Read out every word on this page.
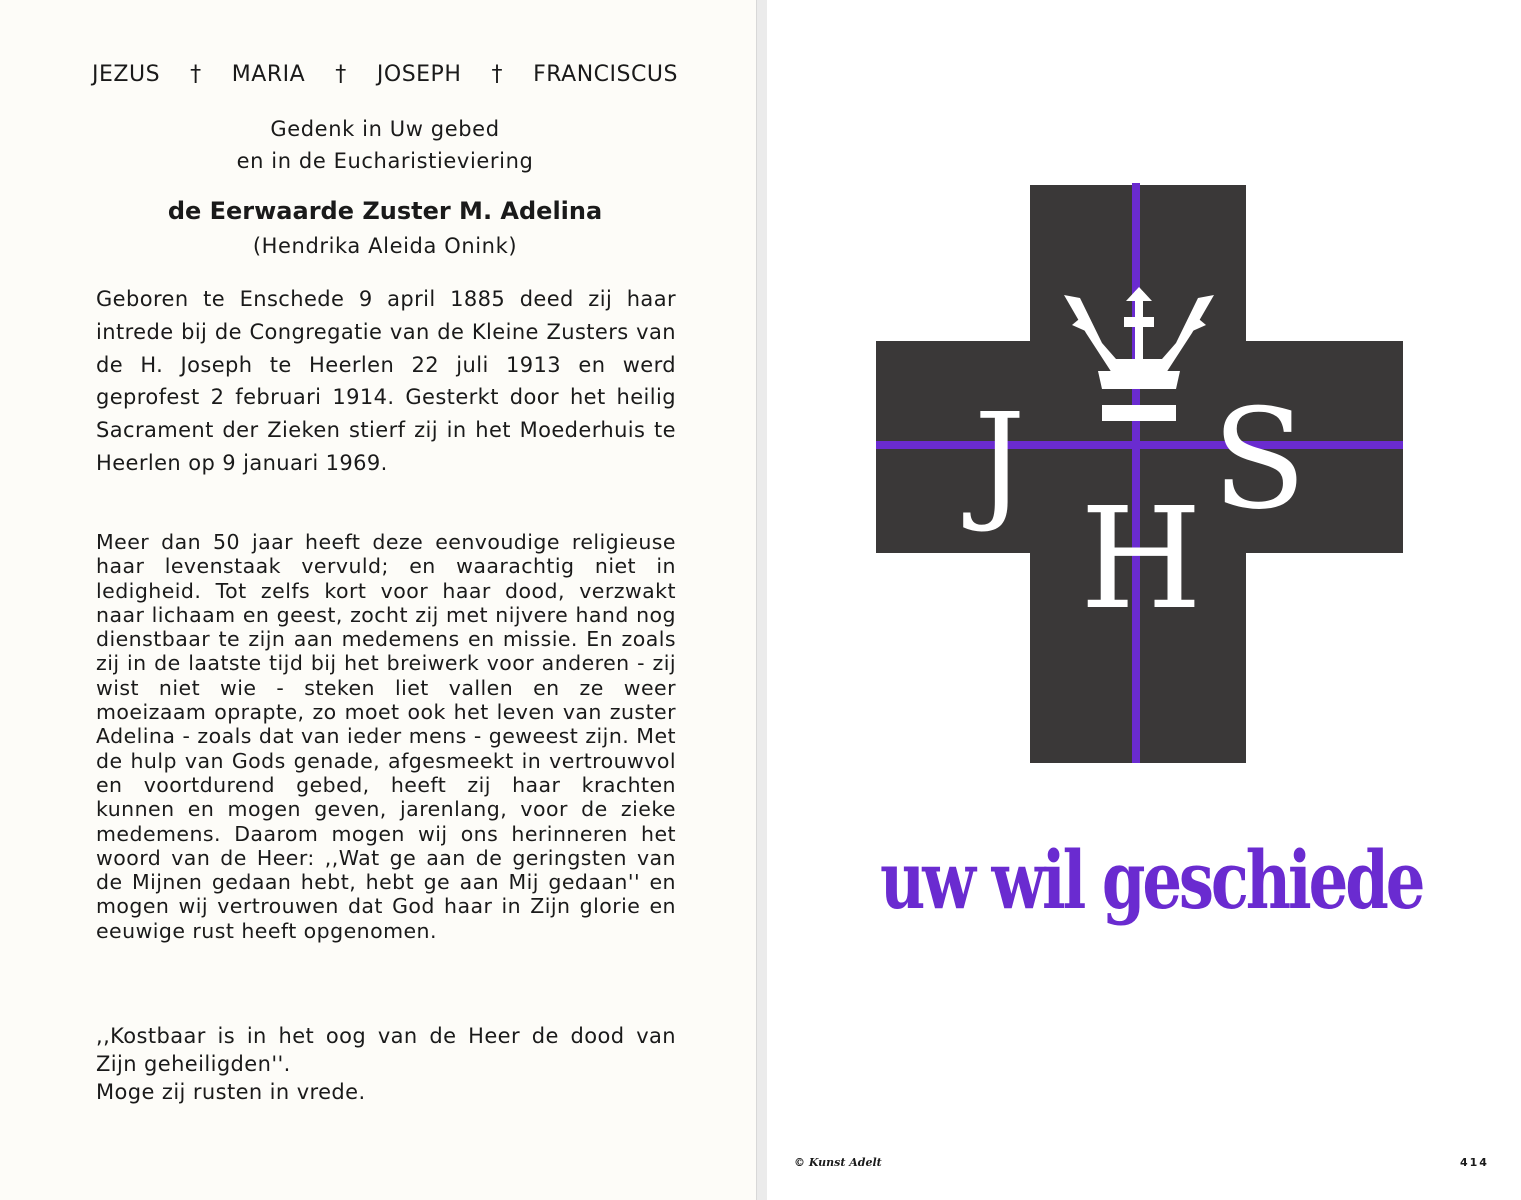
JEZUS † MARIA † JOSEPH † FRANCISCUS
Gedenk in Uw gebed
en in de Eucharistieviering
de Eerwaarde Zuster M. Adelina
(Hendrika Aleida Onink)

Geboren te Enschede 9 april 1885 deed zij haar intrede bij de Congregatie van de Kleine Zusters van de H. Joseph te Heerlen 22 juli 1913 en werd geprofest 2 februari 1914. Gesterkt door het heilig Sacrament der Zieken stierf zij in het Moederhuis te Heerlen op 9 januari 1969.

Meer dan 50 jaar heeft deze eenvoudige religieuse haar levenstaak vervuld; en waarachtig niet in ledigheid. Tot zelfs kort voor haar dood, verzwakt naar lichaam en geest, zocht zij met nijvere hand nog dienstbaar te zijn aan medemens en missie. En zoals zij in de laatste tijd bij het breiwerk voor anderen - zij wist niet wie - steken liet vallen en ze weer moeizaam oprapte, zo moet ook het leven van zuster Adelina - zoals dat van ieder mens - geweest zijn. Met de hulp van Gods genade, afgesmeekt in vertrouwvol en voortdurend gebed, heeft zij haar krachten kunnen en mogen geven, jarenlang, voor de zieke medemens. Daarom mogen wij ons herinneren het woord van de Heer: ,,Wat ge aan de geringsten van de Mijnen gedaan hebt, hebt ge aan Mij gedaan'' en mogen wij vertrouwen dat God haar in Zijn glorie en eeuwige rust heeft opgenomen.

,,Kostbaar is in het oog van de Heer de dood van Zijn geheiligden''.

Moge zij rusten in vrede.

J
H
S
uw wil geschiede
© Kunst Adelt	414
